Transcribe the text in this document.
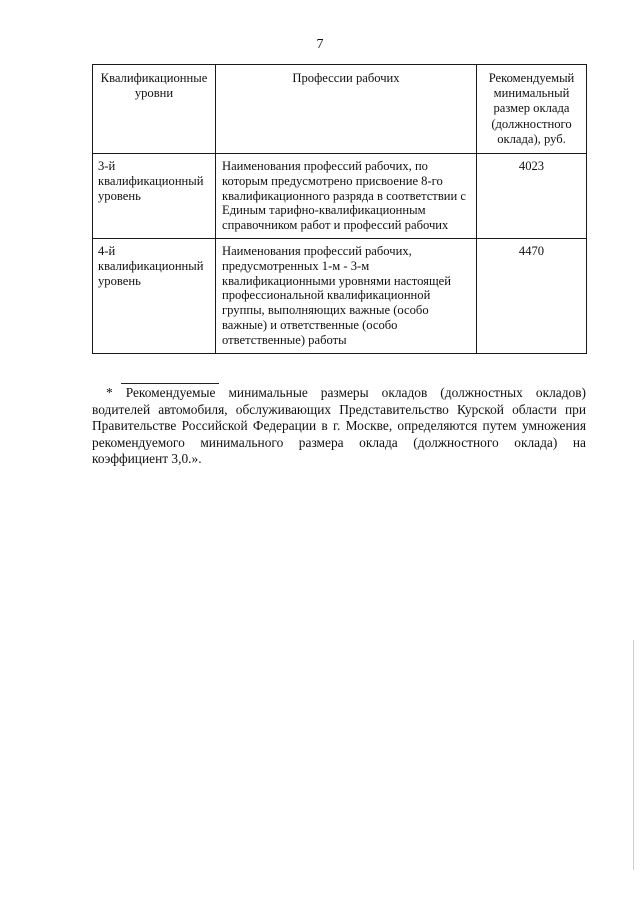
7
Квалификационные уровни	Профессии рабочих	Рекомендуемый минимальный размер оклада (должностного оклада), руб.

3-й квалификационный уровень	Наименования профессий рабочих, по которым предусмотрено присвоение 8-го квалификационного разряда в соответствии с Единым тарифно-квалификационным справочником работ и профессий рабочих	4023

4-й квалификационный уровень	Наименования профессий рабочих, предусмотренных 1-м - 3-м квалификационными уровнями настоящей профессиональной квалификационной группы, выполняющих важные (особо важные) и ответственные (особо ответственные) работы	4470
* Рекомендуемые минимальные размеры окладов (должностных окладов) водителей автомобиля, обслуживающих Представительство Курской области при Правительстве Российской Федерации в г. Москве, определяются путем умножения рекомендуемого минимального размера оклада (должностного оклада) на коэффициент 3,0.».
